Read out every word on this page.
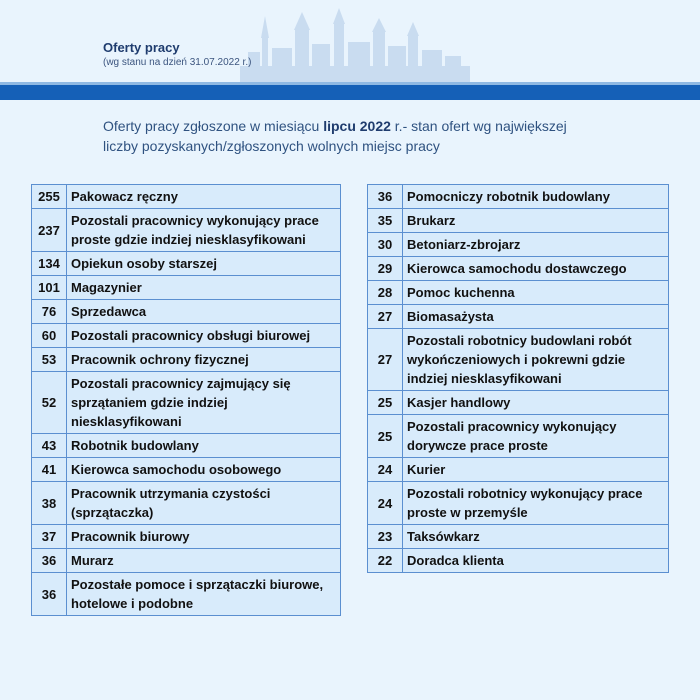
Oferty pracy
(wg stanu na dzień 31.07.2022 r.)
Oferty pracy zgłoszone w miesiącu lipcu 2022 r.- stan ofert wg największej liczby pozyskanych/zgłoszonych wolnych miejsc pracy
255	Pakowacz ręczny
237	Pozostali pracownicy wykonujący prace proste gdzie indziej niesklasyfikowani
134	Opiekun osoby starszej
101	Magazynier
76	Sprzedawca
60	Pozostali pracownicy obsługi biurowej
53	Pracownik ochrony fizycznej
52	Pozostali pracownicy zajmujący się sprzątaniem gdzie indziej niesklasyfikowani
43	Robotnik budowlany
41	Kierowca samochodu osobowego
38	Pracownik utrzymania czystości (sprzątaczka)
37	Pracownik biurowy
36	Murarz
36	Pozostałe pomoce i sprzątaczki biurowe, hotelowe i podobne
36	Pomocniczy robotnik budowlany
35	Brukarz
30	Betoniarz-zbrojarz
29	Kierowca samochodu dostawczego
28	Pomoc kuchenna
27	Biomasażysta
27	Pozostali robotnicy budowlani robót wykończeniowych i pokrewni gdzie indziej niesklasyfikowani
25	Kasjer handlowy
25	Pozostali pracownicy wykonujący dorywcze prace proste
24	Kurier
24	Pozostali robotnicy wykonujący prace proste w przemyśle
23	Taksówkarz
22	Doradca klienta
